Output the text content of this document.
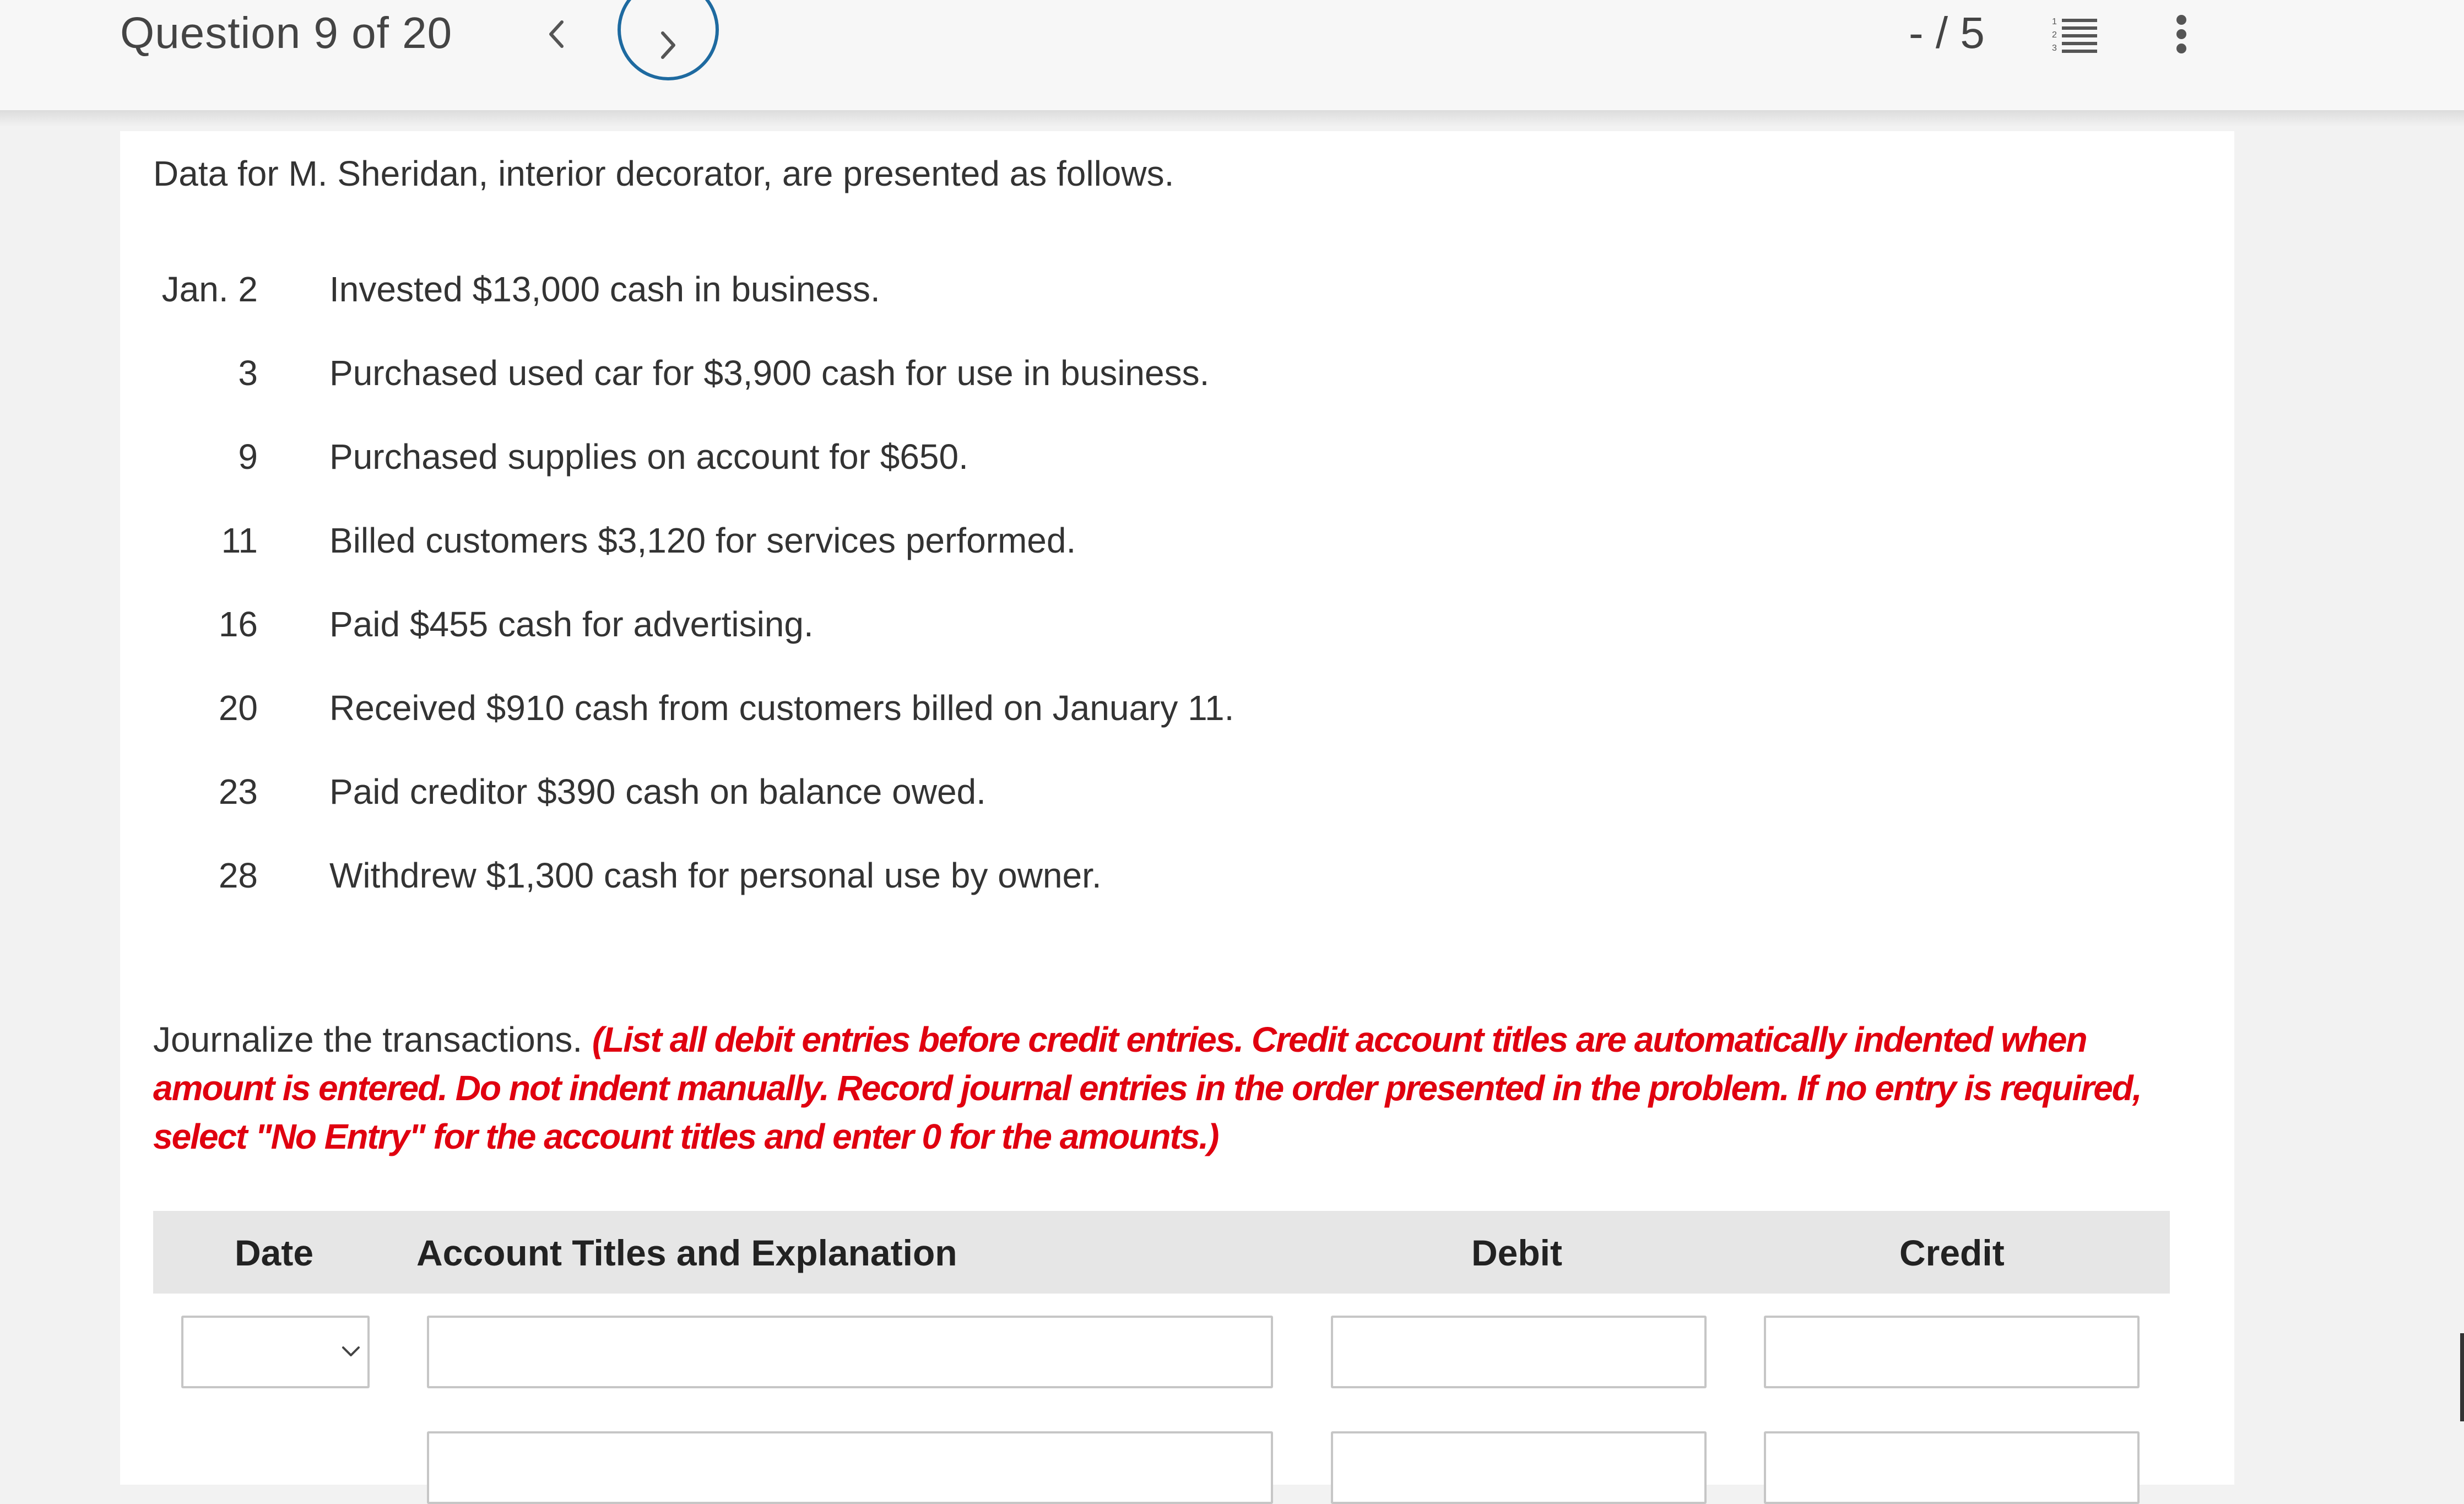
Question 9 of 20	- / 5	1
2
3
Data for M. Sheridan, interior decorator, are presented as follows.
Jan. 2 Invested $13,000 cash in business.
3 Purchased used car for $3,900 cash for use in business.
9 Purchased supplies on account for $650.
11 Billed customers $3,120 for services performed.
16 Paid $455 cash for advertising.
20 Received $910 cash from customers billed on January 11.
23 Paid creditor $390 cash on balance owed.
28 Withdrew $1,300 cash for personal use by owner.
Journalize the transactions. (List all debit entries before credit entries. Credit account titles are automatically indented when amount is entered. Do not indent manually. Record journal entries in the order presented in the problem. If no entry is required, select "No Entry" for the account titles and enter 0 for the amounts.)
Date	Account Titles and Explanation	Debit	Credit
